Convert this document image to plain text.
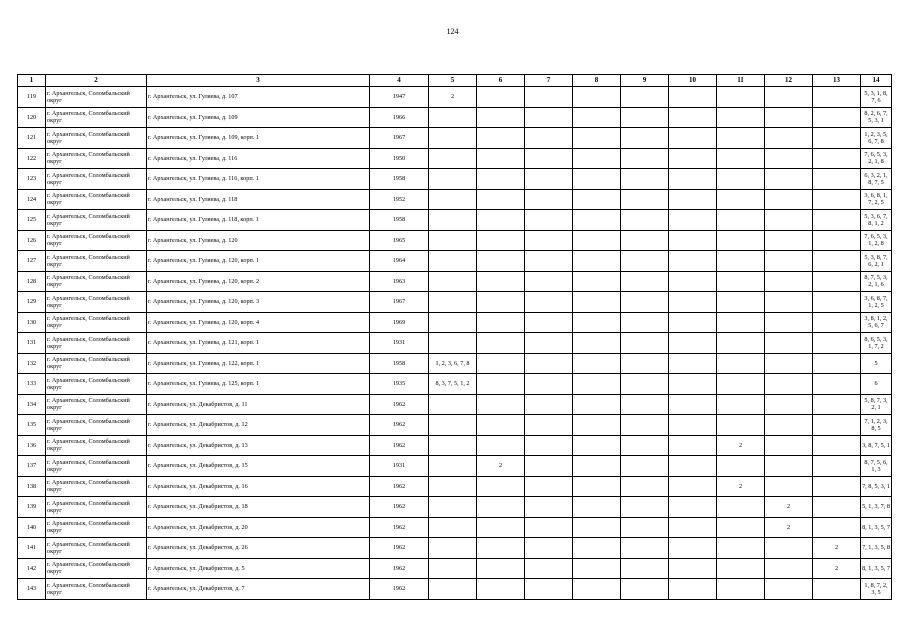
124
1	2	3	4	5	6	7	8	9	10	11	12	13	14
119	г. Архангельск, Соломбальский округ	г. Архангельск, ул. Гуляева, д. 107	1947	2									5, 3, 1, 8, 7, 6
120	г. Архангельск, Соломбальский округ	г. Архангельск, ул. Гуляева, д. 109	1966										8, 2, 6, 7, 5, 3, 1
121	г. Архангельск, Соломбальский округ	г. Архангельск, ул. Гуляева, д. 109, корп. 1	1967										1, 2, 3, 5, 6, 7, 8
122	г. Архангельск, Соломбальский округ	г. Архангельск, ул. Гуляева, д. 116	1950										7, 6, 5, 3, 2, 1, 8
123	г. Архангельск, Соломбальский округ	г. Архангельск, ул. Гуляева, д. 116, корп. 1	1958										6, 3, 2, 1, 8, 7, 5
124	г. Архангельск, Соломбальский округ	г. Архангельск, ул. Гуляева, д. 118	1952										3, 6, 8, 1, 7, 2, 5
125	г. Архангельск, Соломбальский округ	г. Архангельск, ул. Гуляева, д. 118, корп. 1	1958										5, 3, 6, 7, 8, 1, 2
126	г. Архангельск, Соломбальский округ	г. Архангельск, ул. Гуляева, д. 120	1965										7, 6, 5, 3, 1, 2, 8
127	г. Архангельск, Соломбальский округ	г. Архангельск, ул. Гуляева, д. 120, корп. 1	1964										5, 3, 8, 7, 6, 2, 1
128	г. Архангельск, Соломбальский округ	г. Архангельск, ул. Гуляева, д. 120, корп. 2	1963										8, 7, 5, 3, 2, 1, 6
129	г. Архангельск, Соломбальский округ	г. Архангельск, ул. Гуляева, д. 120, корп. 3	1967										3, 6, 8, 7, 1, 2, 5
130	г. Архангельск, Соломбальский округ	г. Архангельск, ул. Гуляева, д. 120, корп. 4	1969										3, 8, 1, 2, 5, 6, 7
131	г. Архангельск, Соломбальский округ	г. Архангельск, ул. Гуляева, д. 121, корп. 1	1931										8, 6, 5, 3, 1, 7, 2
132	г. Архангельск, Соломбальский округ	г. Архангельск, ул. Гуляева, д. 122, корп. 1	1958	1, 2, 3, 6, 7, 8									5
133	г. Архангельск, Соломбальский округ	г. Архангельск, ул. Гуляева, д. 125, корп. 1	1935	8, 3, 7, 5, 1, 2									6
134	г. Архангельск, Соломбальский округ	г. Архангельск, ул. Декабристов, д. 11	1962										5, 8, 7, 3, 2, 1
135	г. Архангельск, Соломбальский округ	г. Архангельск, ул. Декабристов, д. 12	1962										7, 1, 2, 3, 8, 5
136	г. Архангельск, Соломбальский округ	г. Архангельск, ул. Декабристов, д. 13	1962							2			3, 8, 7, 5, 1
137	г. Архангельск, Соломбальский округ	г. Архангельск, ул. Декабристов, д. 15	1931		2								8, 7, 5, 6, 1, 3
138	г. Архангельск, Соломбальский округ	г. Архангельск, ул. Декабристов, д. 16	1962							2			7, 8, 5, 3, 1
139	г. Архангельск, Соломбальский округ	г. Архангельск, ул. Декабристов, д. 18	1962								2		5, 1, 3, 7, 8
140	г. Архангельск, Соломбальский округ	г. Архангельск, ул. Декабристов, д. 20	1962								2		8, 1, 3, 5, 7
141	г. Архангельск, Соломбальский округ	г. Архангельск, ул. Декабристов, д. 26	1962									2	7, 1, 3, 5, 8
142	г. Архангельск, Соломбальский округ	г. Архангельск, ул. Декабристов, д. 5	1962									2	8, 1, 3, 5, 7
143	г. Архангельск, Соломбальский округ	г. Архангельск, ул. Декабристов, д. 7	1962										1, 8, 7, 2, 3, 5
